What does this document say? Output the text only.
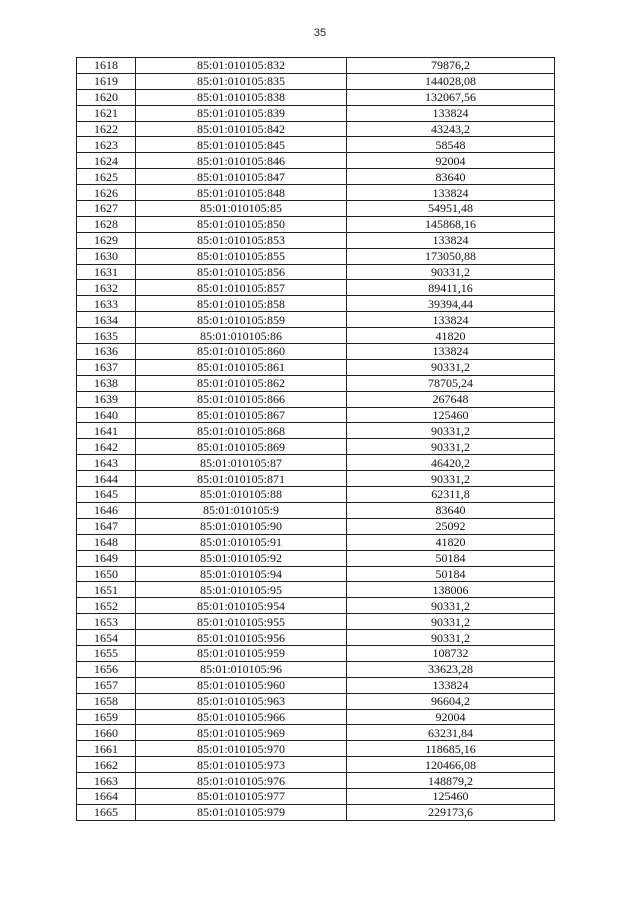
35
1618	85:01:010105:832	79876,2
1619	85:01:010105:835	144028,08
1620	85:01:010105:838	132067,56
1621	85:01:010105:839	133824
1622	85:01:010105:842	43243,2
1623	85:01:010105:845	58548
1624	85:01:010105:846	92004
1625	85:01:010105:847	83640
1626	85:01:010105:848	133824
1627	85:01:010105:85	54951,48
1628	85:01:010105:850	145868,16
1629	85:01:010105:853	133824
1630	85:01:010105:855	173050,88
1631	85:01:010105:856	90331,2
1632	85:01:010105:857	89411,16
1633	85:01:010105:858	39394,44
1634	85:01:010105:859	133824
1635	85:01:010105:86	41820
1636	85:01:010105:860	133824
1637	85:01:010105:861	90331,2
1638	85:01:010105:862	78705,24
1639	85:01:010105:866	267648
1640	85:01:010105:867	125460
1641	85:01:010105:868	90331,2
1642	85:01:010105:869	90331,2
1643	85:01:010105:87	46420,2
1644	85:01:010105:871	90331,2
1645	85:01:010105:88	62311,8
1646	85:01:010105:9	83640
1647	85:01:010105:90	25092
1648	85:01:010105:91	41820
1649	85:01:010105:92	50184
1650	85:01:010105:94	50184
1651	85:01:010105:95	138006
1652	85:01:010105:954	90331,2
1653	85:01:010105:955	90331,2
1654	85:01:010105:956	90331,2
1655	85:01:010105:959	108732
1656	85:01:010105:96	33623,28
1657	85:01:010105:960	133824
1658	85:01:010105:963	96604,2
1659	85:01:010105:966	92004
1660	85:01:010105:969	63231,84
1661	85:01:010105:970	118685,16
1662	85:01:010105:973	120466,08
1663	85:01:010105:976	148879,2
1664	85:01:010105:977	125460
1665	85:01:010105:979	229173,6
